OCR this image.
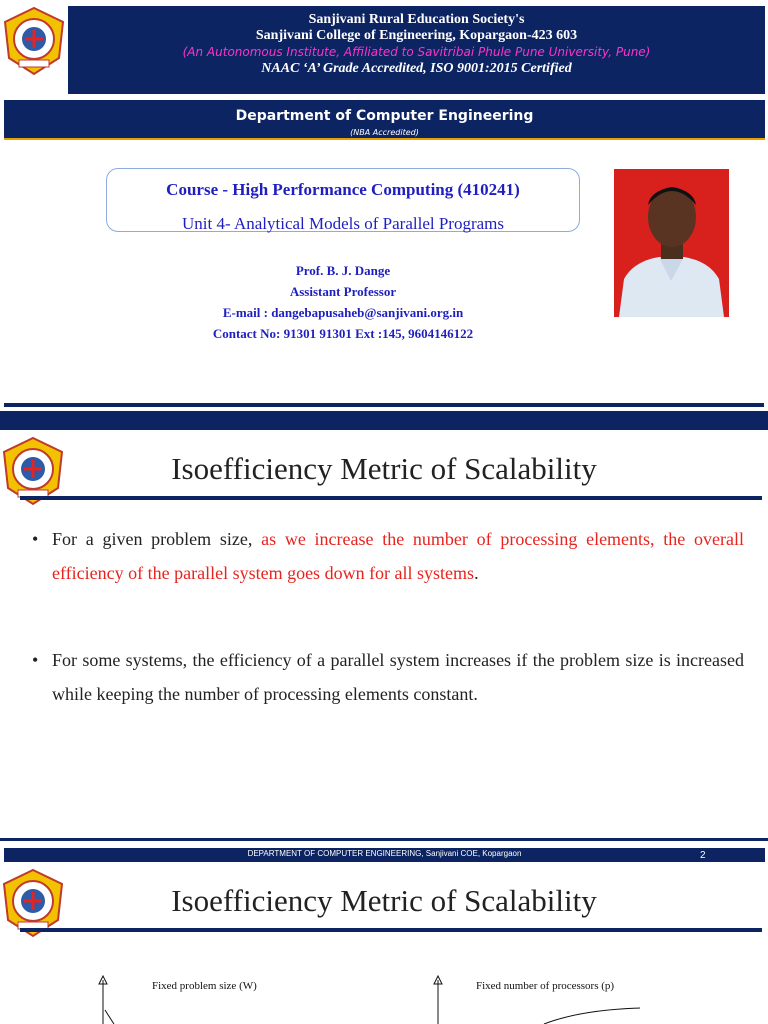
Sanjivani Rural Education Society's
Sanjivani College of Engineering, Kopargaon-423 603
(An Autonomous Institute, Affiliated to Savitribai Phule Pune University, Pune)
NAAC ‘A’ Grade Accredited, ISO 9001:2015 Certified
Department of Computer Engineering
(NBA Accredited)
Course - High Performance Computing (410241)
Unit 4- Analytical Models of Parallel Programs
Prof. B. J. Dange
Assistant Professor
E-mail : dangebapusaheb@sanjivani.org.in
Contact No: 91301 91301 Ext :145, 9604146122
Isoefficiency Metric of Scalability
• For a given problem size, as we increase the number of processing elements, the overall efficiency of the parallel system goes down for all systems.
• For some systems, the efficiency of a parallel system increases if the problem size is increased while keeping the number of processing elements constant.
DEPARTMENT OF COMPUTER ENGINEERING, Sanjivani COE, Kopargaon	2
Isoefficiency Metric of Scalability
Fixed problem size (W)	Fixed number of processors (p)
